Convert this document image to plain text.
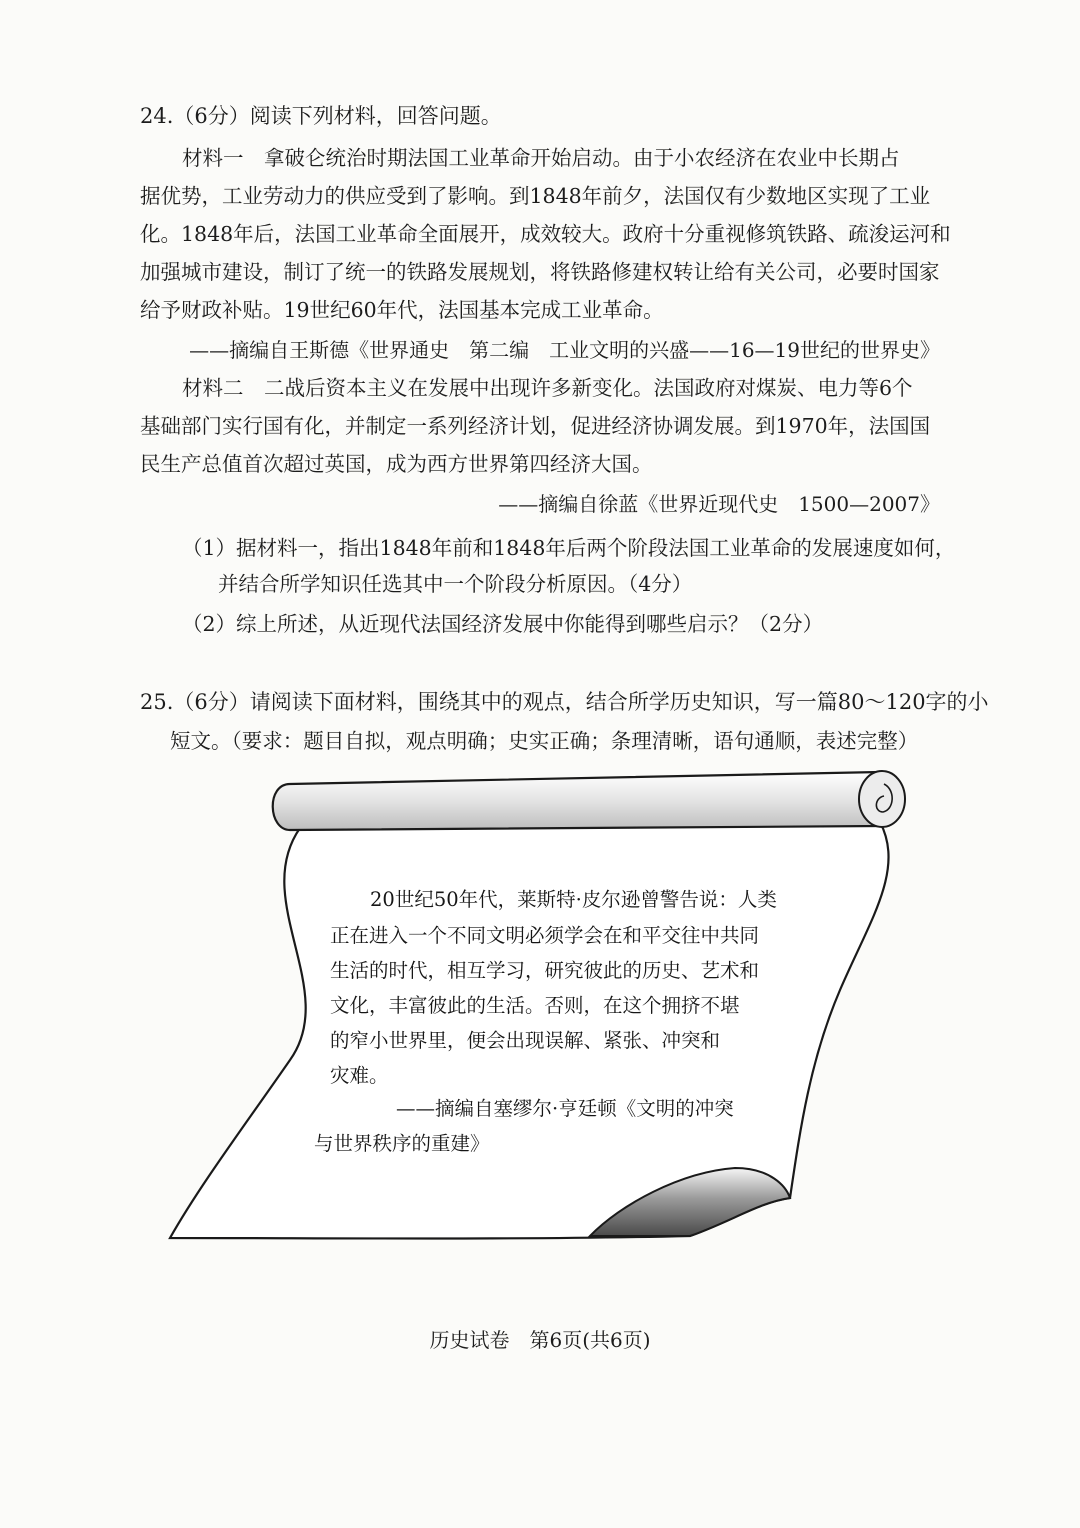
24.（6分）阅读下列材料，回答问题。
材料一　拿破仑统治时期法国工业革命开始启动。由于小农经济在农业中长期占
据优势，工业劳动力的供应受到了影响。到1848年前夕，法国仅有少数地区实现了工业
化。1848年后，法国工业革命全面展开，成效较大。政府十分重视修筑铁路、疏浚运河和
加强城市建设，制订了统一的铁路发展规划，将铁路修建权转让给有关公司，必要时国家
给予财政补贴。19世纪60年代，法国基本完成工业革命。
——摘编自王斯德《世界通史　第二编　工业文明的兴盛——16—19世纪的世界史》
材料二　二战后资本主义在发展中出现许多新变化。法国政府对煤炭、电力等6个
基础部门实行国有化，并制定一系列经济计划，促进经济协调发展。到1970年，法国国
民生产总值首次超过英国，成为西方世界第四经济大国。
——摘编自徐蓝《世界近现代史　1500—2007》
（1）据材料一，指出1848年前和1848年后两个阶段法国工业革命的发展速度如何，
并结合所学知识任选其中一个阶段分析原因。（4分）
（2）综上所述，从近现代法国经济发展中你能得到哪些启示？（2分）
25.（6分）请阅读下面材料，围绕其中的观点，结合所学历史知识，写一篇80～120字的小
短文。（要求：题目自拟，观点明确；史实正确；条理清晰，语句通顺，表述完整）
20世纪50年代，莱斯特·皮尔逊曾警告说：人类
正在进入一个不同文明必须学会在和平交往中共同
生活的时代，相互学习，研究彼此的历史、艺术和
文化，丰富彼此的生活。否则，在这个拥挤不堪
的窄小世界里，便会出现误解、紧张、冲突和
灾难。
——摘编自塞缪尔·亨廷顿《文明的冲突
与世界秩序的重建》
历史试卷　第6页(共6页)
